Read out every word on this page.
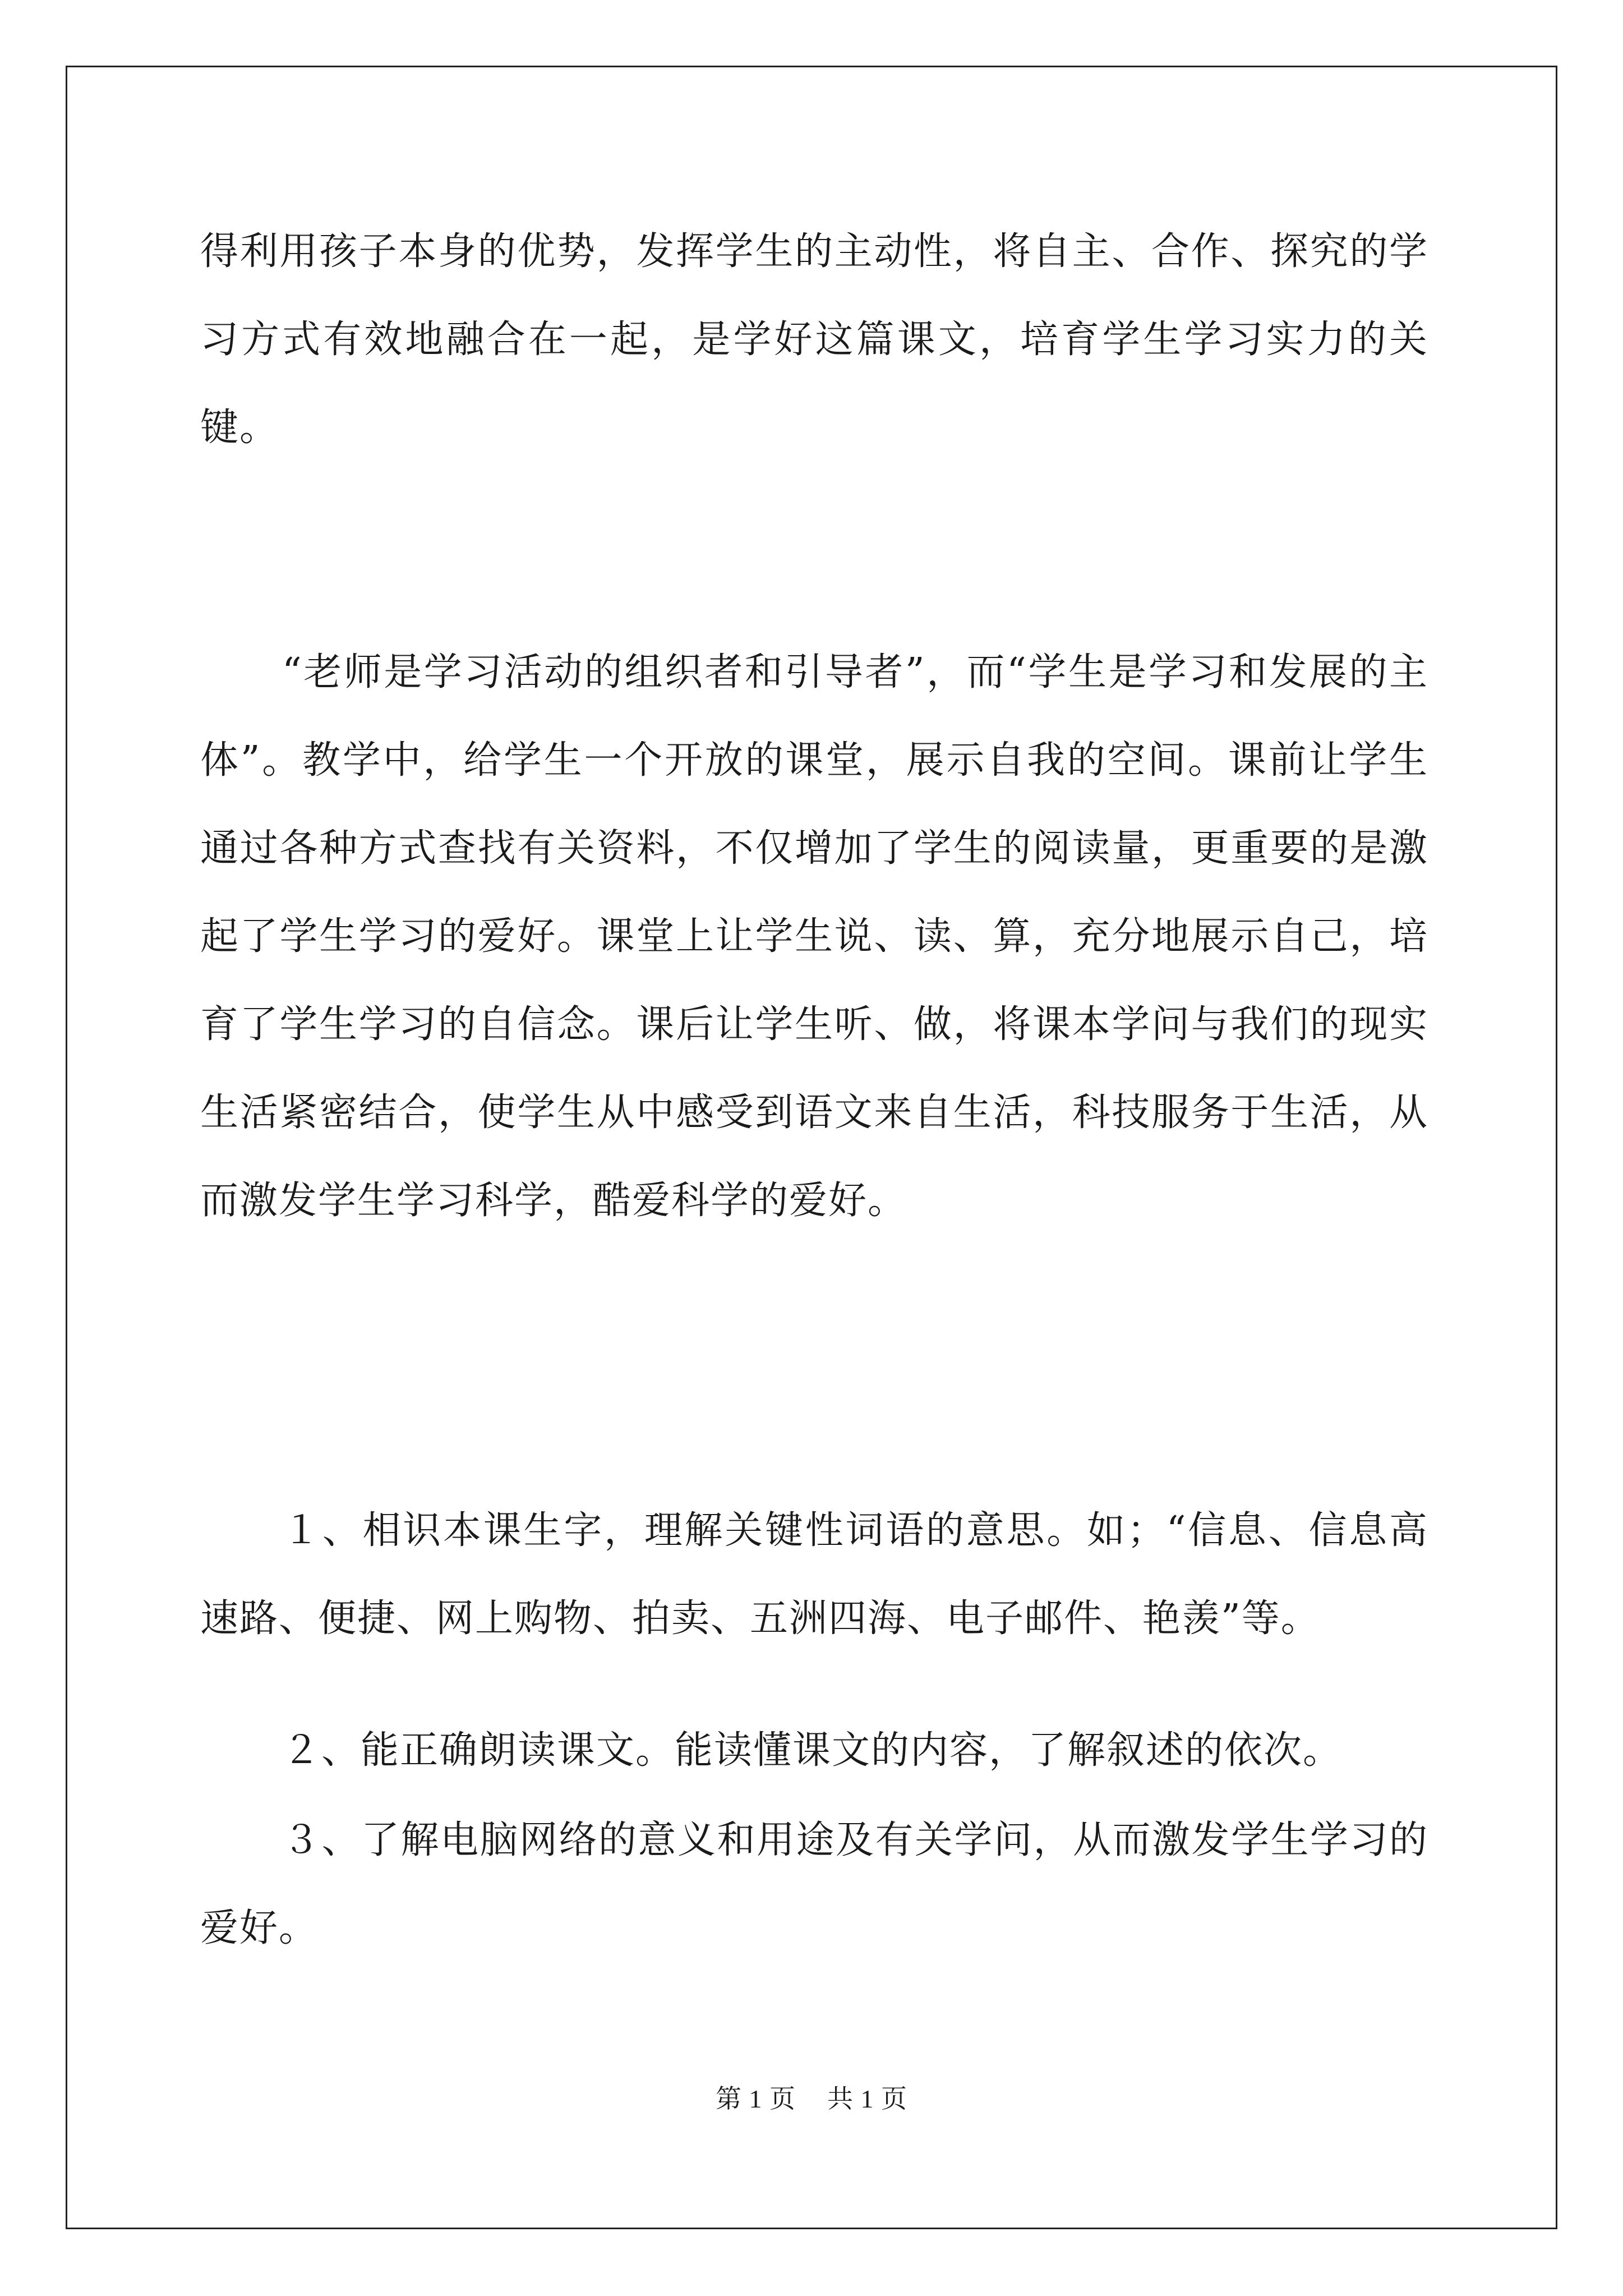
得利用孩子本身的优势，发挥学生的主动性，将自主、合作、探究的学习方式有效地融合在一起，是学好这篇课文，培育学生学习实力的关键。

“老师是学习活动的组织者和引导者”，而“学生是学习和发展的主体”。教学中，给学生一个开放的课堂，展示自我的空间。课前让学生通过各种方式查找有关资料，不仅增加了学生的阅读量，更重要的是激起了学生学习的爱好。课堂上让学生说、读、算，充分地展示自己，培育了学生学习的自信念。课后让学生听、做，将课本学问与我们的现实生活紧密结合，使学生从中感受到语文来自生活，科技服务于生活，从而激发学生学习科学，酷爱科学的爱好。

１、相识本课生字，理解关键性词语的意思。如；“信息、信息高速路、便捷、网上购物、拍卖、五洲四海、电子邮件、艳羡”等。

２、能正确朗读课文。能读懂课文的内容，了解叙述的依次。

３、了解电脑网络的意义和用途及有关学问，从而激发学生学习的爱好。

第 1 页 共 1 页
